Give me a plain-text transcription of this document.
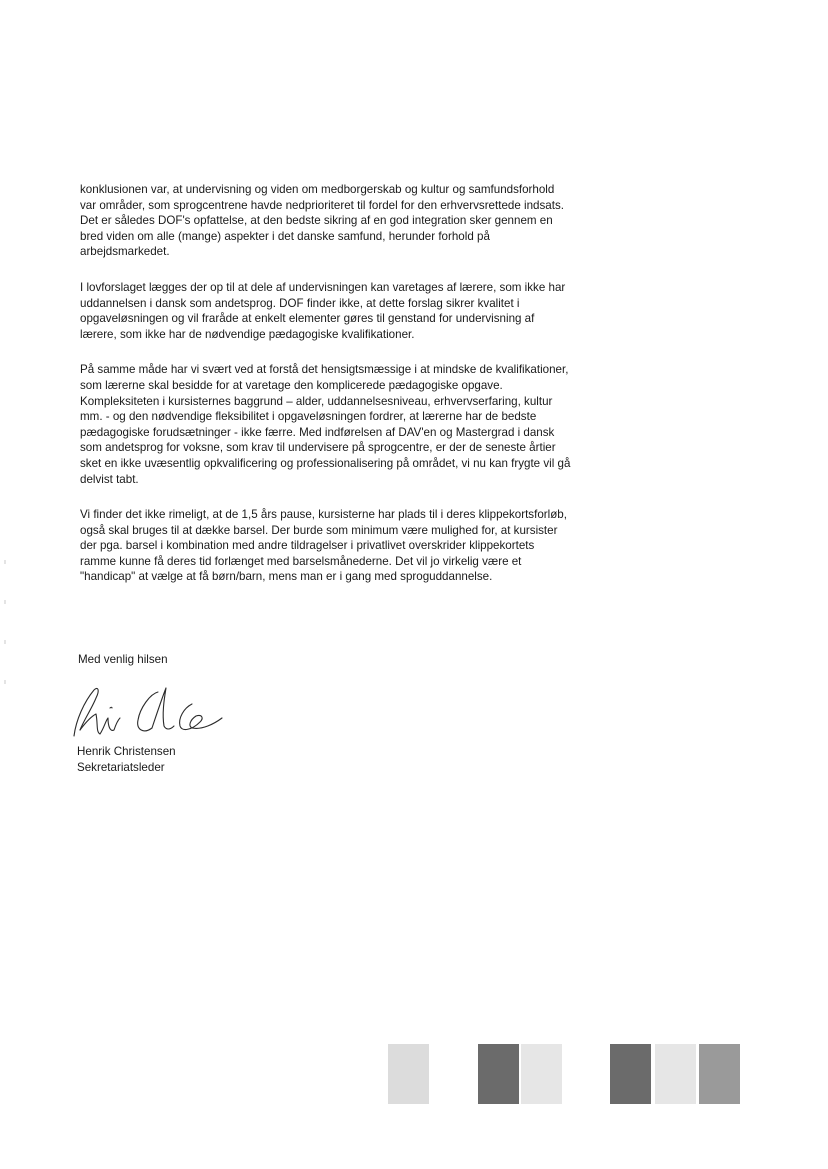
konklusionen var, at undervisning og viden om medborgerskab og kultur og samfundsforhold
var områder, som sprogcentrene havde nedprioriteret til fordel for den erhvervsrettede indsats.
Det er således DOF's opfattelse, at den bedste sikring af en god integration sker gennem en
bred viden om alle (mange) aspekter i det danske samfund, herunder forhold på
arbejdsmarkedet.

I lovforslaget lægges der op til at dele af undervisningen kan varetages af lærere, som ikke har
uddannelsen i dansk som andetsprog. DOF finder ikke, at dette forslag sikrer kvalitet i
opgaveløsningen og vil fraråde at enkelt elementer gøres til genstand for undervisning af
lærere, som ikke har de nødvendige pædagogiske kvalifikationer.

På samme måde har vi svært ved at forstå det hensigtsmæssige i at mindske de kvalifikationer,
som lærerne skal besidde for at varetage den komplicerede pædagogiske opgave.
Kompleksiteten i kursisternes baggrund – alder, uddannelsesniveau, erhvervserfaring, kultur
mm. - og den nødvendige fleksibilitet i opgaveløsningen fordrer, at lærerne har de bedste
pædagogiske forudsætninger - ikke færre. Med indførelsen af DAV'en og Mastergrad i dansk
som andetsprog for voksne, som krav til undervisere på sprogcentre, er der de seneste årtier
sket en ikke uvæsentlig opkvalificering og professionalisering på området, vi nu kan frygte vil gå
delvist tabt.

Vi finder det ikke rimeligt, at de 1,5 års pause, kursisterne har plads til i deres klippekortsforløb,
også skal bruges til at dække barsel. Der burde som minimum være mulighed for, at kursister
der pga. barsel i kombination med andre tildragelser i privatlivet overskrider klippekortets
ramme kunne få deres tid forlænget med barselsmånederne. Det vil jo virkelig være et
"handicap" at vælge at få børn/barn, mens man er i gang med sproguddannelse.

Med venlig hilsen
Henrik Christensen
Sekretariatsleder
